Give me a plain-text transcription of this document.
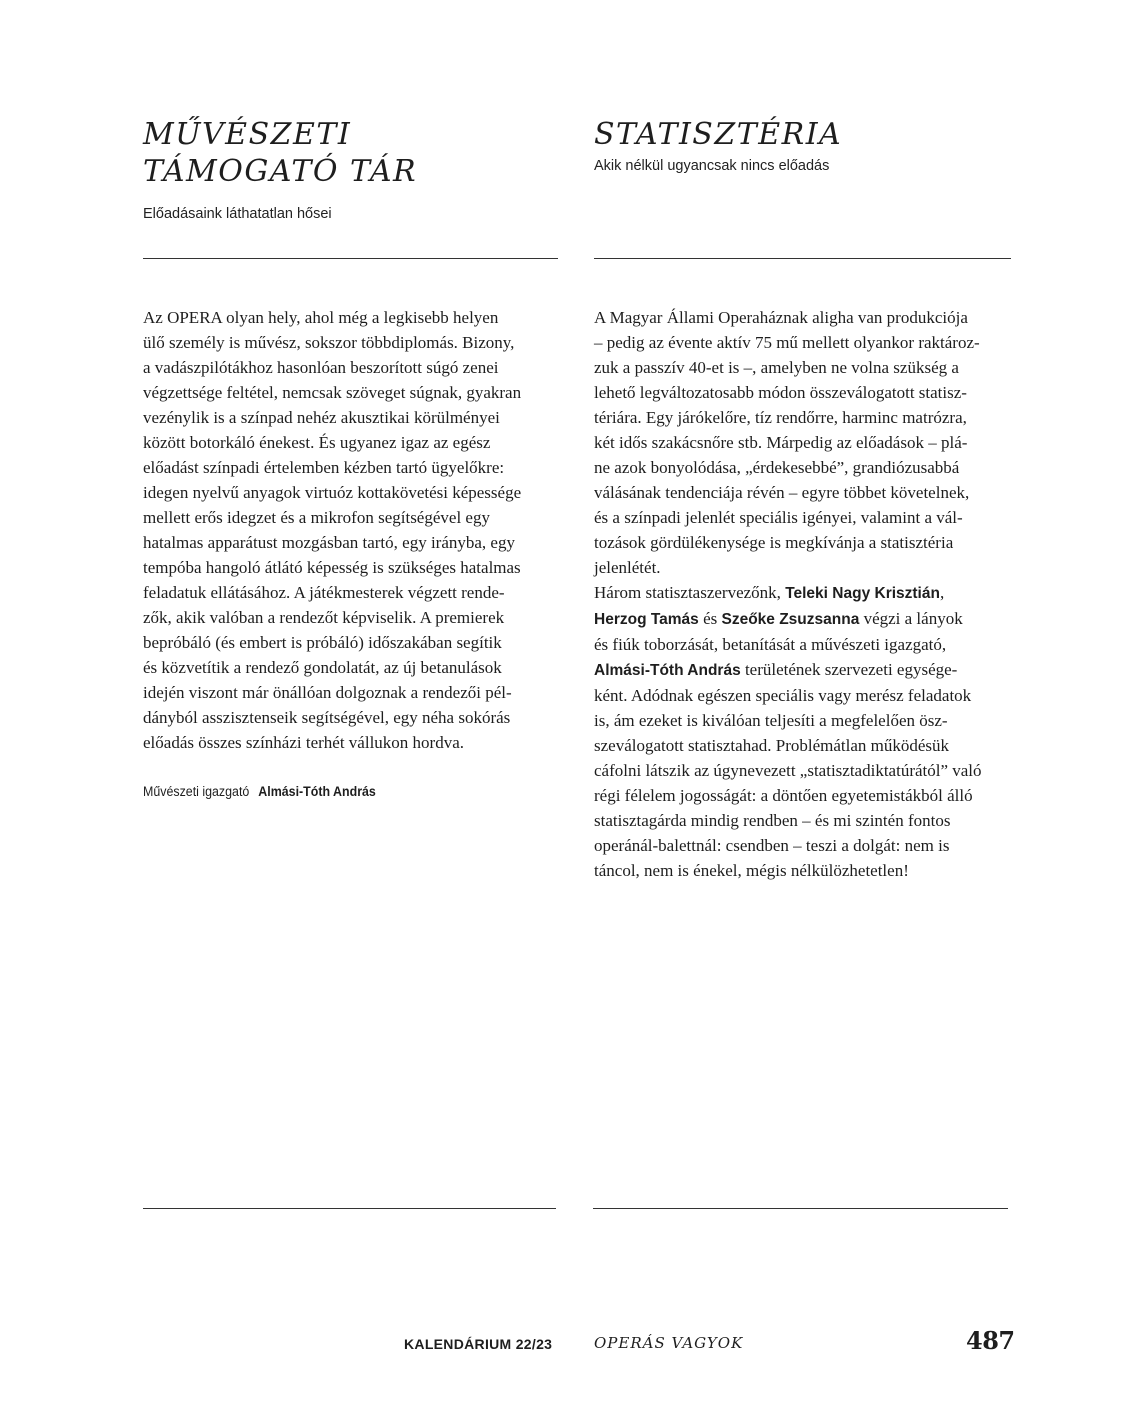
MŰVÉSZETI
TÁMOGATÓ TÁR

Előadásaink láthatatlan hősei

STATISZTÉRIA

Akik nélkül ugyancsak nincs előadás

Az OPERA olyan hely, ahol még a legkisebb helyen
ülő személy is művész, sokszor többdiplomás. Bizony,
a vadászpilótákhoz hasonlóan beszorított súgó zenei
végzettsége feltétel, nemcsak szöveget súgnak, gyakran
vezénylik is a színpad nehéz akusztikai körülményei
között botorkáló énekest. És ugyanez igaz az egész
előadást színpadi értelemben kézben tartó ügyelőkre:
idegen nyelvű anyagok virtuóz kottakövetési képessége
mellett erős idegzet és a mikrofon segítségével egy
hatalmas apparátust mozgásban tartó, egy irányba, egy
tempóba hangoló átlátó képesség is szükséges hatalmas
feladatuk ellátásához. A játékmesterek végzett rende-
zők, akik valóban a rendezőt képviselik. A premierek
bepróbáló (és embert is próbáló) időszakában segítik
és közvetítik a rendező gondolatát, az új betanulások
idején viszont már önállóan dolgoznak a rendezői pél-
dányból asszisztenseik segítségével, egy néha sokórás
előadás összes színházi terhét vállukon hordva.
Művészeti igazgató Almási-Tóth András
A Magyar Állami Operaháznak aligha van produkciója
– pedig az évente aktív 75 mű mellett olyankor raktároz-
zuk a passzív 40-et is –, amelyben ne volna szükség a
lehető legváltozatosabb módon összeválogatott statisz-
tériára. Egy járókelőre, tíz rendőrre, harminc matrózra,
két idős szakácsnőre stb. Márpedig az előadások – plá-
ne azok bonyolódása, „érdekesebbé”, grandiózusabbá
válásának tendenciája révén – egyre többet követelnek,
és a színpadi jelenlét speciális igényei, valamint a vál-
tozások gördülékenysége is megkívánja a statisztéria
jelenlétét.
Három statisztaszervezőnk, Teleki Nagy Krisztián,
Herzog Tamás és Szeőke Zsuzsanna végzi a lányok
és fiúk toborzását, betanítását a művészeti igazgató,
Almási-Tóth András területének szervezeti egysége-
ként. Adódnak egészen speciális vagy merész feladatok
is, ám ezeket is kiválóan teljesíti a megfelelően ösz-
szeválogatott statisztahad. Problémátlan működésük
cáfolni látszik az úgynevezett „statisztadiktatúrától” való
régi félelem jogosságát: a döntően egyetemistákból álló
statisztagárda mindig rendben – és mi szintén fontos
operánál-balettnál: csendben – teszi a dolgát: nem is
táncol, nem is énekel, mégis nélkülözhetetlen!
KALENDÁRIUM 22/23	OPERÁS VAGYOK	487
